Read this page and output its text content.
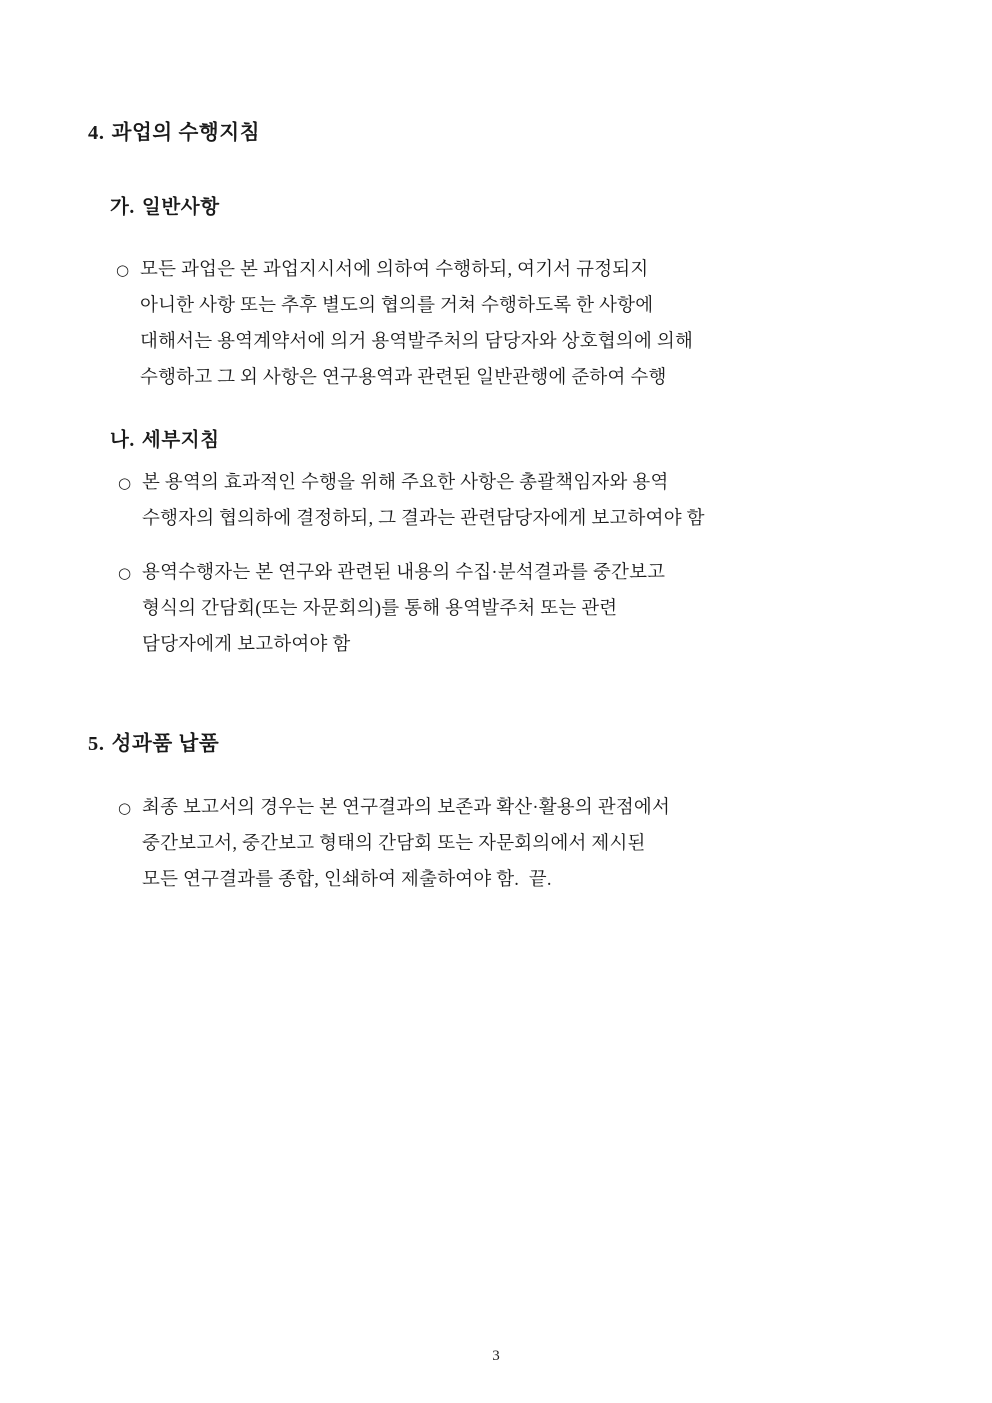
4. 과업의 수행지침
가. 일반사항
○ 모든 과업은 본 과업지시서에 의하여 수행하되, 여기서 규정되지
아니한 사항 또는 추후 별도의 협의를 거쳐 수행하도록 한 사항에
대해서는 용역계약서에 의거 용역발주처의 담당자와 상호협의에 의해
수행하고 그 외 사항은 연구용역과 관련된 일반관행에 준하여 수행
나. 세부지침
○ 본 용역의 효과적인 수행을 위해 주요한 사항은 총괄책임자와 용역
수행자의 협의하에 결정하되, 그 결과는 관련담당자에게 보고하여야 함
○ 용역수행자는 본 연구와 관련된 내용의 수집·분석결과를 중간보고
형식의 간담회(또는 자문회의)를 통해 용역발주처 또는 관련
담당자에게 보고하여야 함
5. 성과품 납품
○ 최종 보고서의 경우는 본 연구결과의 보존과 확산·활용의 관점에서
중간보고서, 중간보고 형태의 간담회 또는 자문회의에서 제시된
모든 연구결과를 종합, 인쇄하여 제출하여야 함.  끝.
3
